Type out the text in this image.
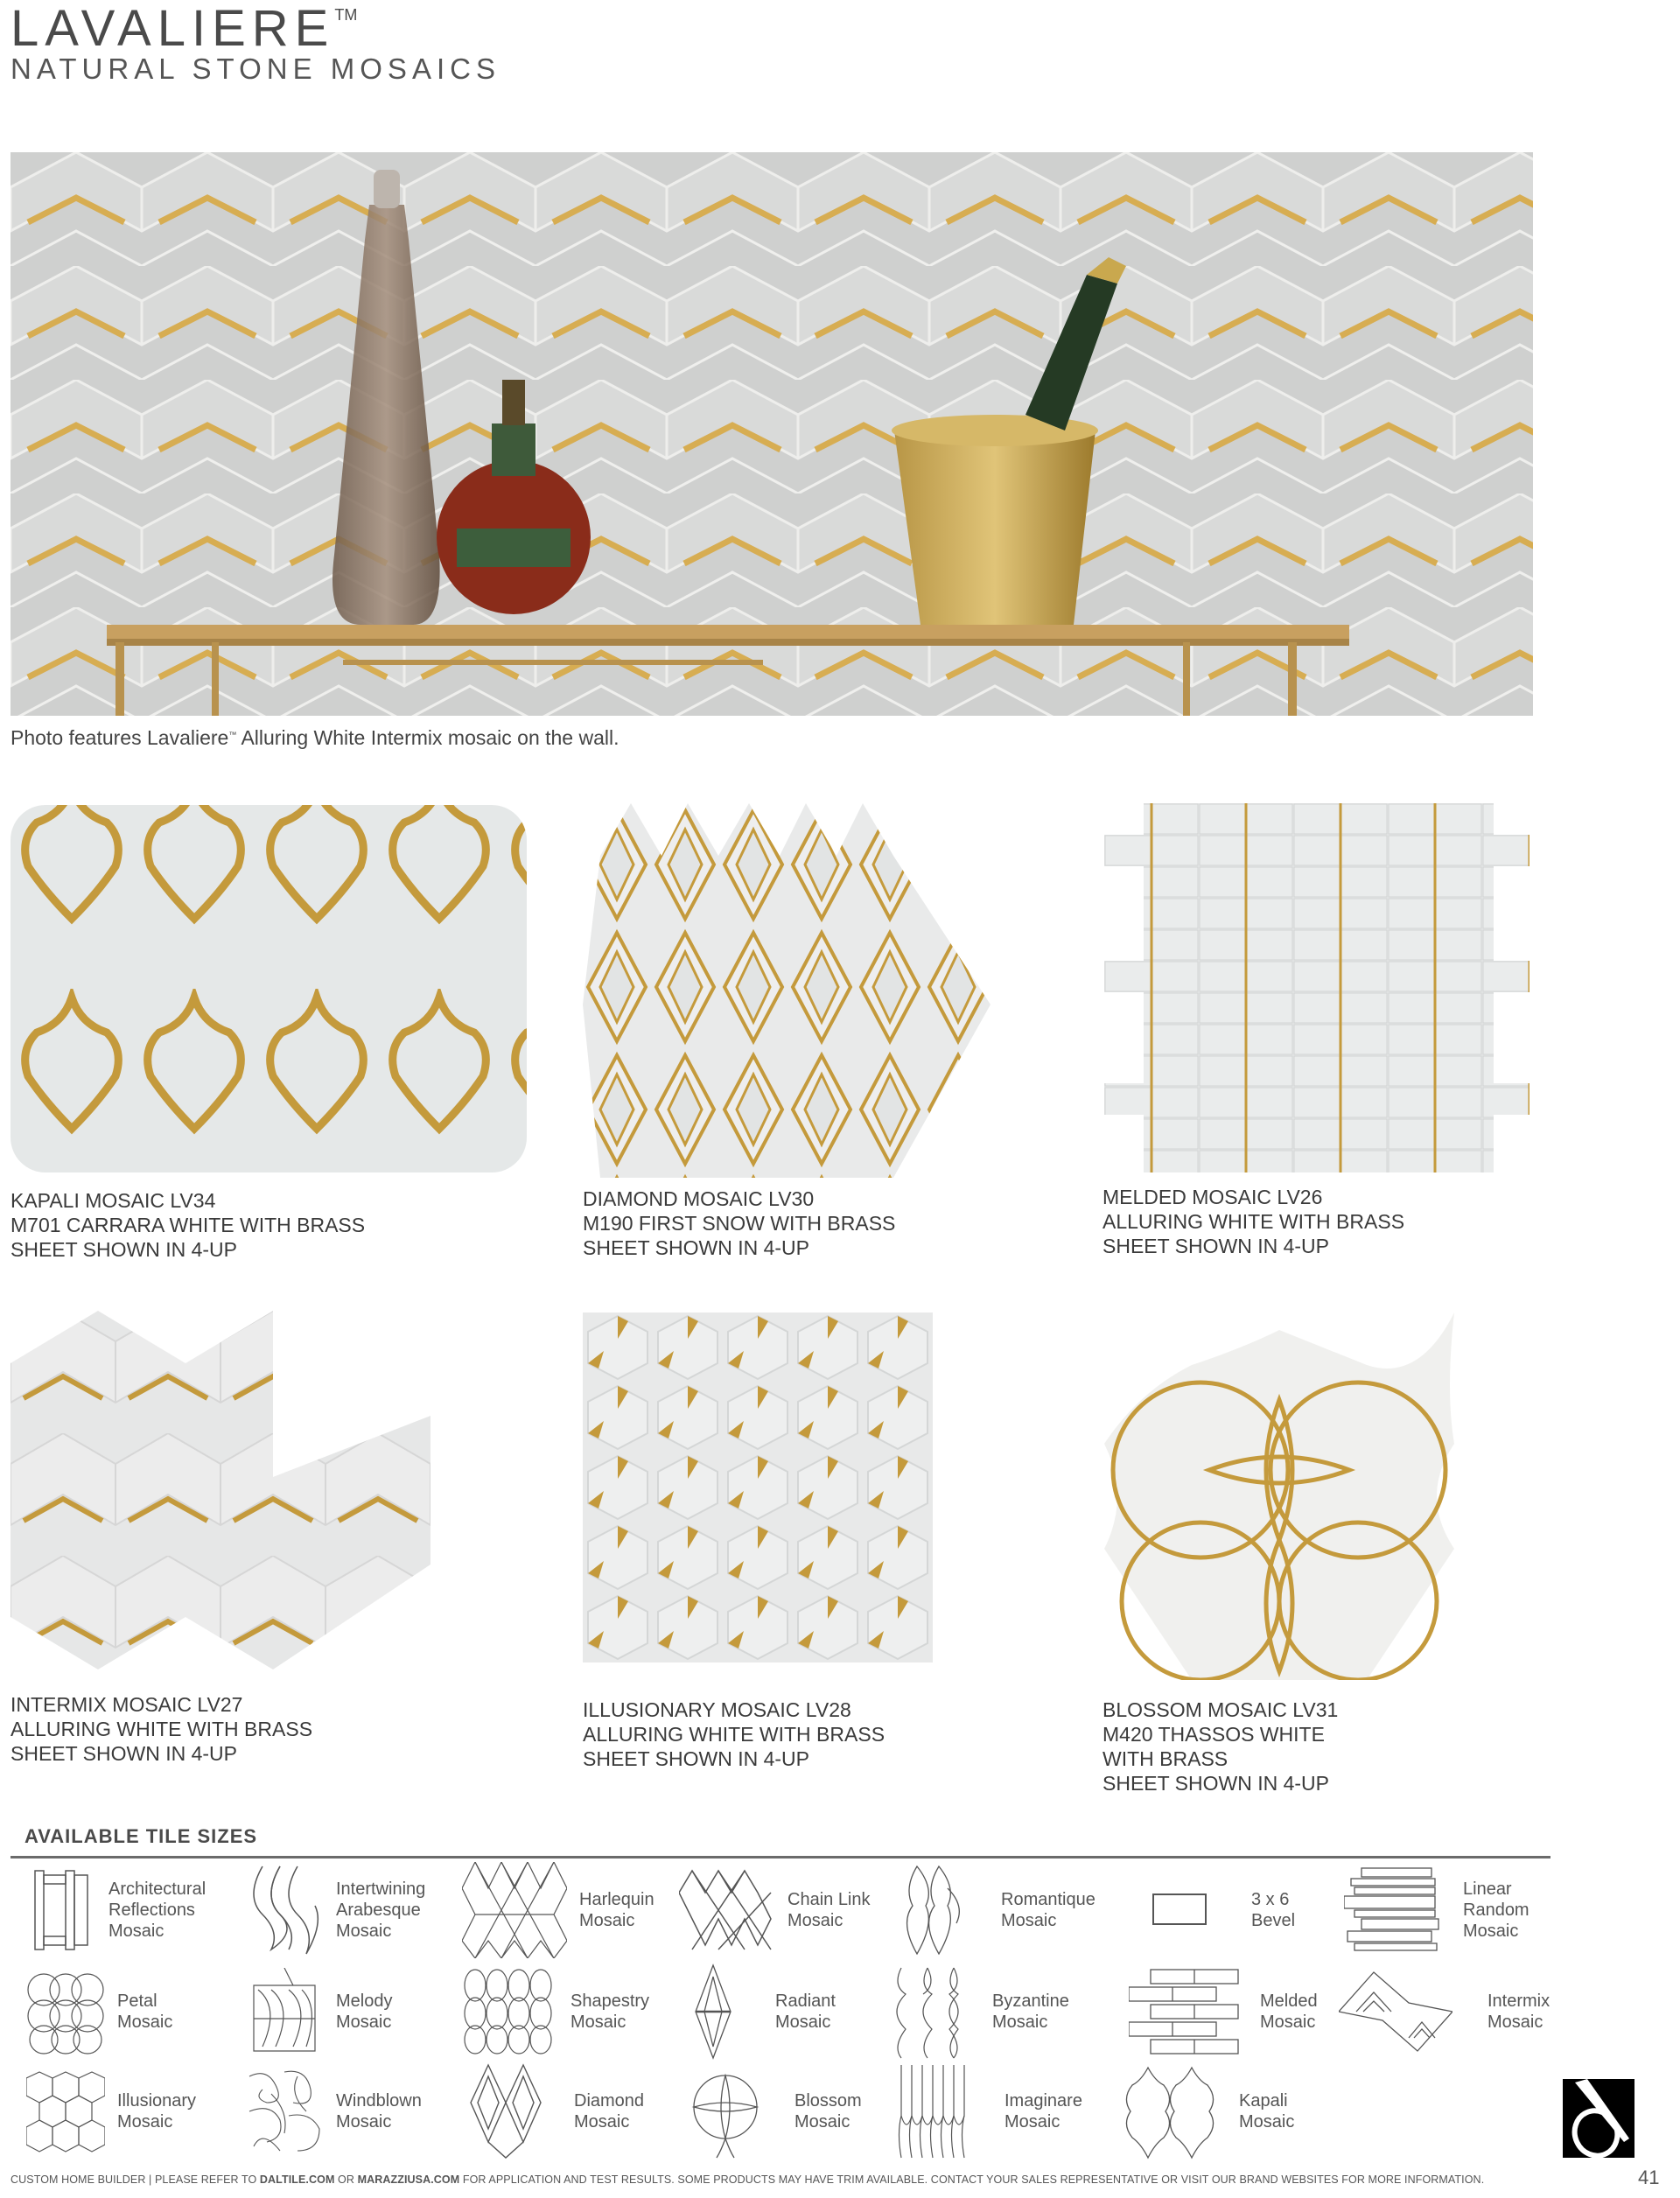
LAVALIERE™
NATURAL STONE MOSAICS
Photo features Lavaliere™ Alluring White Intermix mosaic on the wall.
KAPALI MOSAIC LV34
M701 CARRARA WHITE WITH BRASS
SHEET SHOWN IN 4-UP
DIAMOND MOSAIC LV30
M190 FIRST SNOW WITH BRASS
SHEET SHOWN IN 4-UP
MELDED MOSAIC LV26
ALLURING WHITE WITH BRASS
SHEET SHOWN IN 4-UP
INTERMIX MOSAIC LV27
ALLURING WHITE WITH BRASS
SHEET SHOWN IN 4-UP
ILLUSIONARY MOSAIC LV28
ALLURING WHITE WITH BRASS
SHEET SHOWN IN 4-UP
BLOSSOM MOSAIC LV31
M420 THASSOS WHITE
WITH BRASS
SHEET SHOWN IN 4-UP
AVAILABLE TILE SIZES
Architectural
Reflections
Mosaic
Intertwining
Arabesque
Mosaic
Harlequin
Mosaic
Chain Link
Mosaic
Romantique
Mosaic
3 x 6
Bevel
Linear
Random
Mosaic
Petal
Mosaic
Melody
Mosaic
Shapestry
Mosaic
Radiant
Mosaic
Byzantine
Mosaic
Melded
Mosaic
Intermix
Mosaic
Illusionary
Mosaic
Windblown
Mosaic
Diamond
Mosaic
Blossom
Mosaic
Imaginare
Mosaic
Kapali
Mosaic
41
CUSTOM HOME BUILDER | PLEASE REFER TO DALTILE.COM OR MARAZZIUSA.COM FOR APPLICATION AND TEST RESULTS. SOME PRODUCTS MAY HAVE TRIM AVAILABLE. CONTACT YOUR SALES REPRESENTATIVE OR VISIT OUR BRAND WEBSITES FOR MORE INFORMATION.
